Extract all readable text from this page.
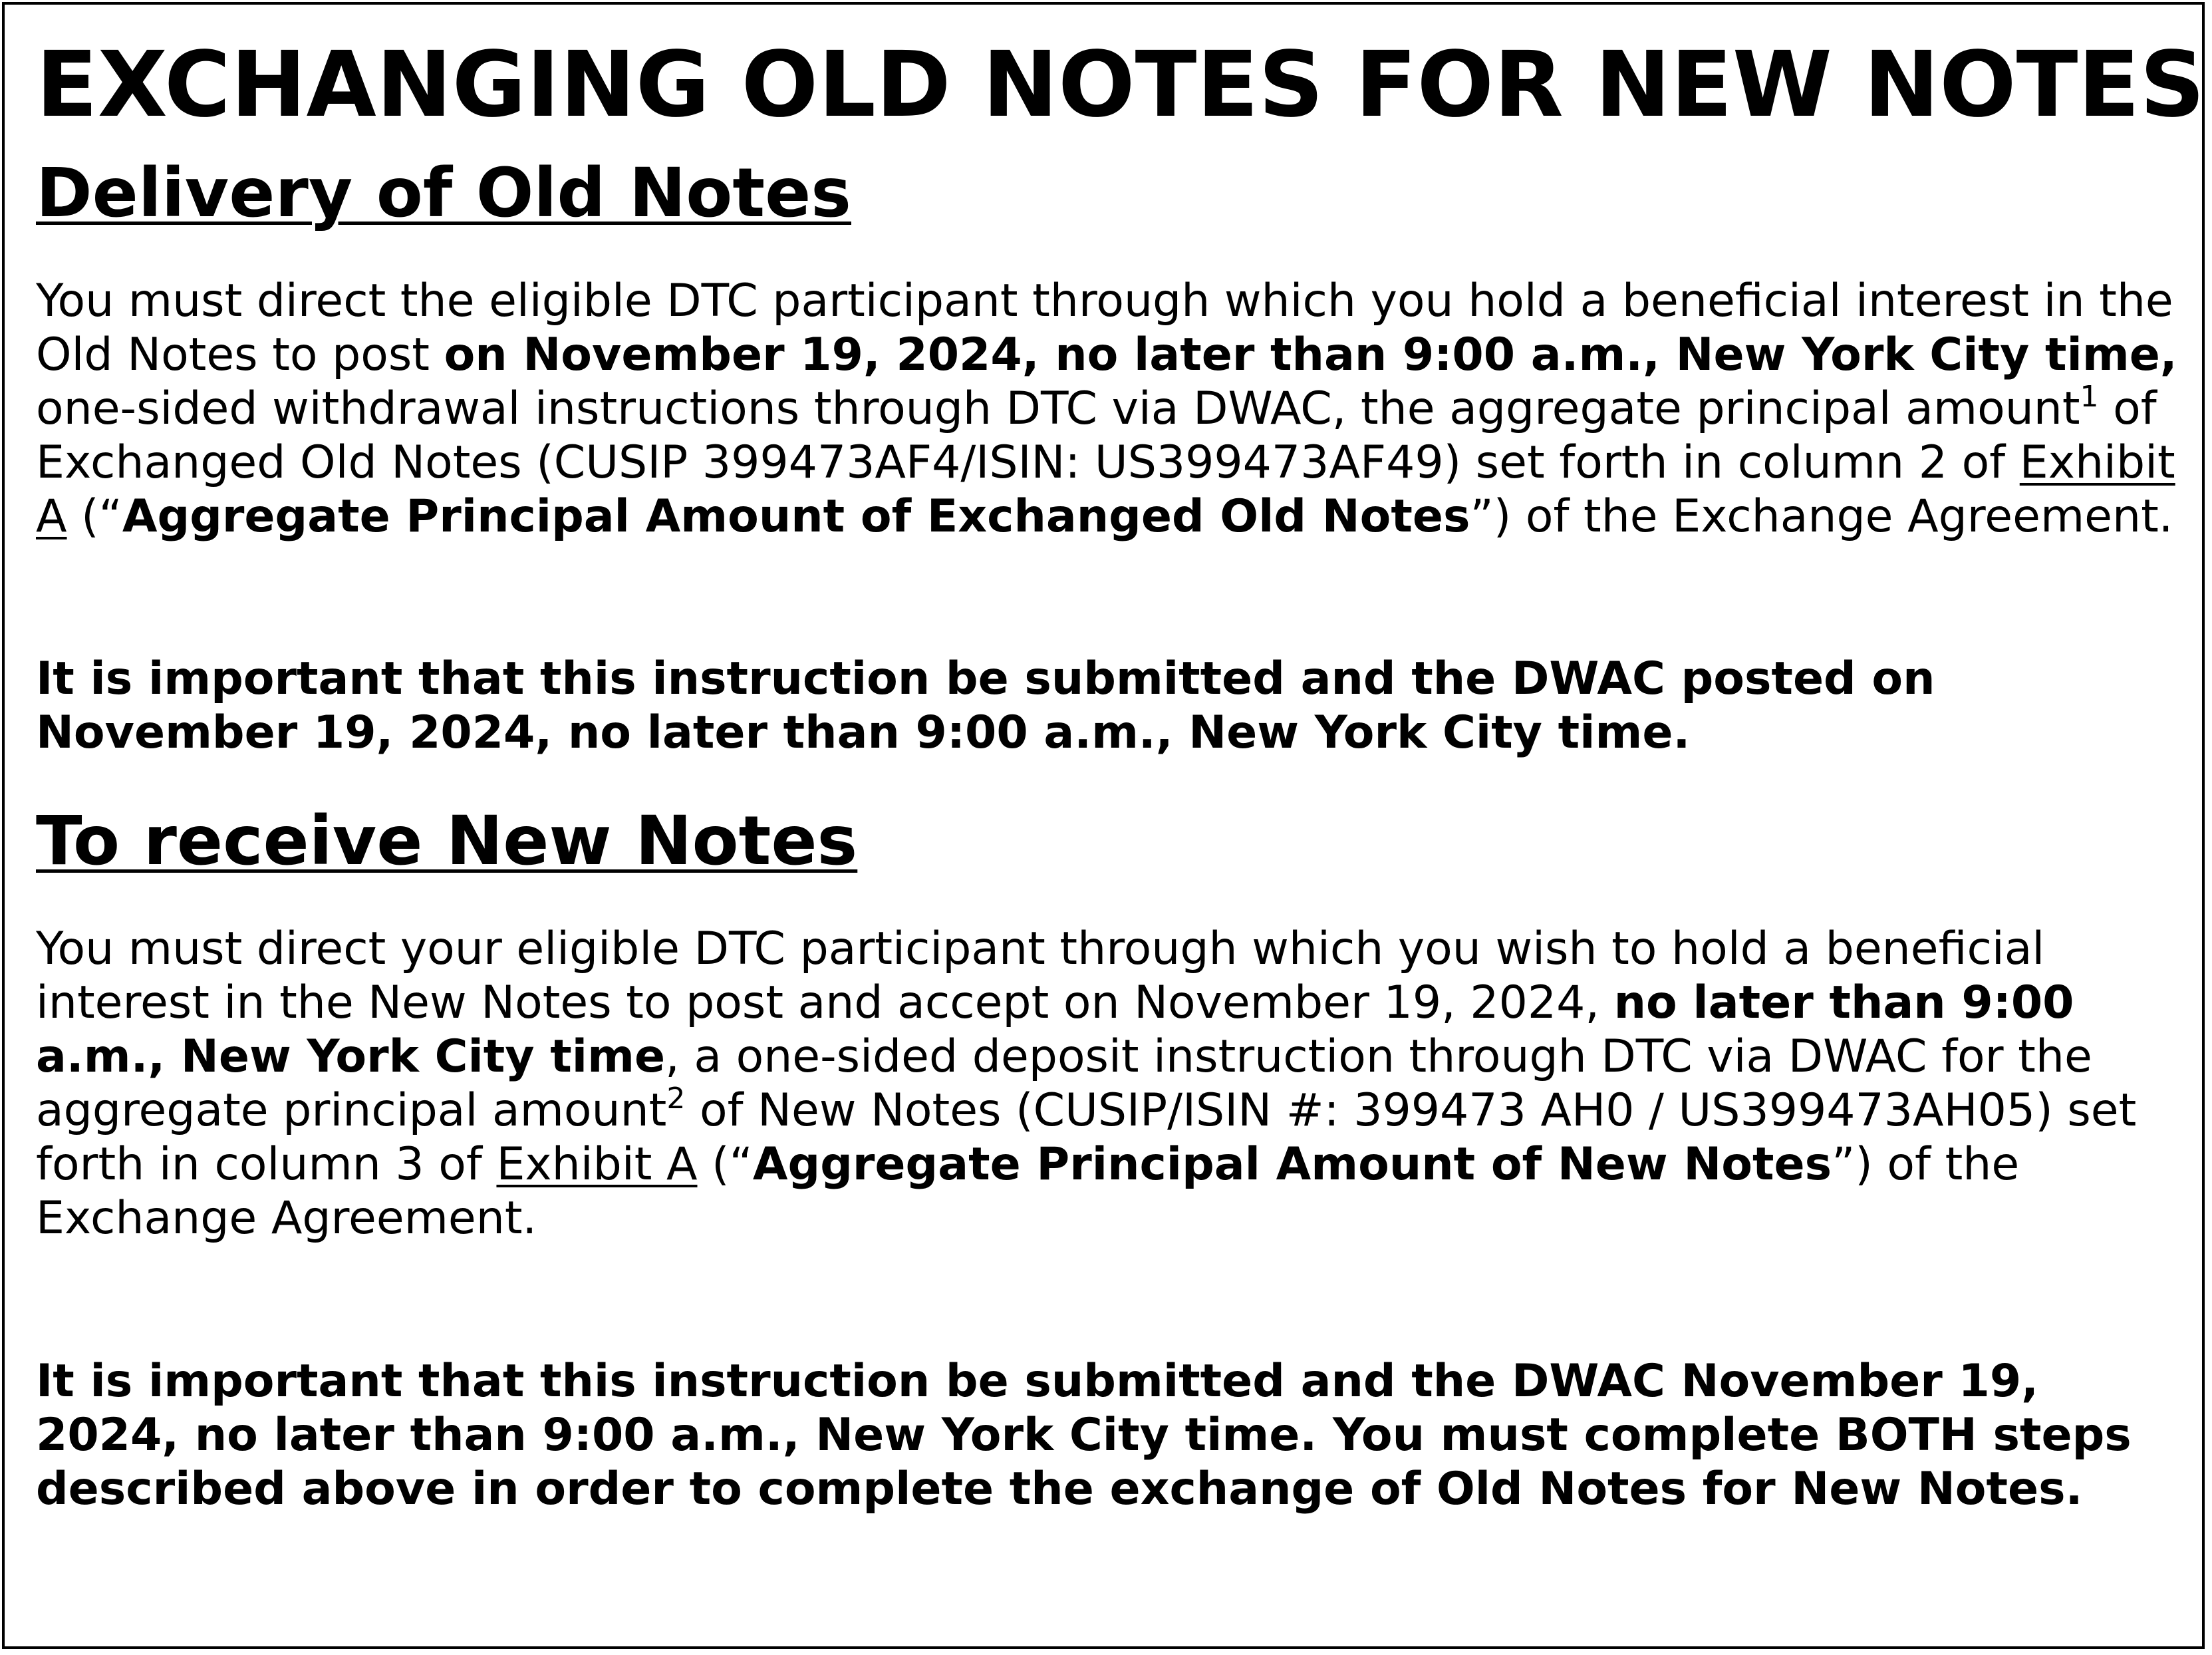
EXCHANGING OLD NOTES FOR NEW NOTES
Delivery of Old Notes

You must direct the eligible DTC participant through which you hold a beneficial interest in the Old Notes to post on November 19, 2024, no later than 9:00 a.m., New York City time, one-sided withdrawal instructions through DTC via DWAC, the aggregate principal amount$^1$ of Exchanged Old Notes (CUSIP 399473AF4/ISIN: US399473AF49) set forth in column 2 of Exhibit A (“Aggregate Principal Amount of Exchanged Old Notes”) of the Exchange Agreement.

It is important that this instruction be submitted and the DWAC posted on November 19, 2024, no later than 9:00 a.m., New York City time.

To receive New Notes

You must direct your eligible DTC participant through which you wish to hold a beneficial interest in the New Notes to post and accept on November 19, 2024, no later than 9:00 a.m., New York City time, a one-sided deposit instruction through DTC via DWAC for the aggregate principal amount$^2$ of New Notes (CUSIP/ISIN #: 399473 AH0 / US399473AH05) set forth in column 3 of Exhibit A (“Aggregate Principal Amount of New Notes”) of the Exchange Agreement.

It is important that this instruction be submitted and the DWAC November 19, 2024, no later than 9:00 a.m., New York City time. You must complete BOTH steps described above in order to complete the exchange of Old Notes for New Notes.
